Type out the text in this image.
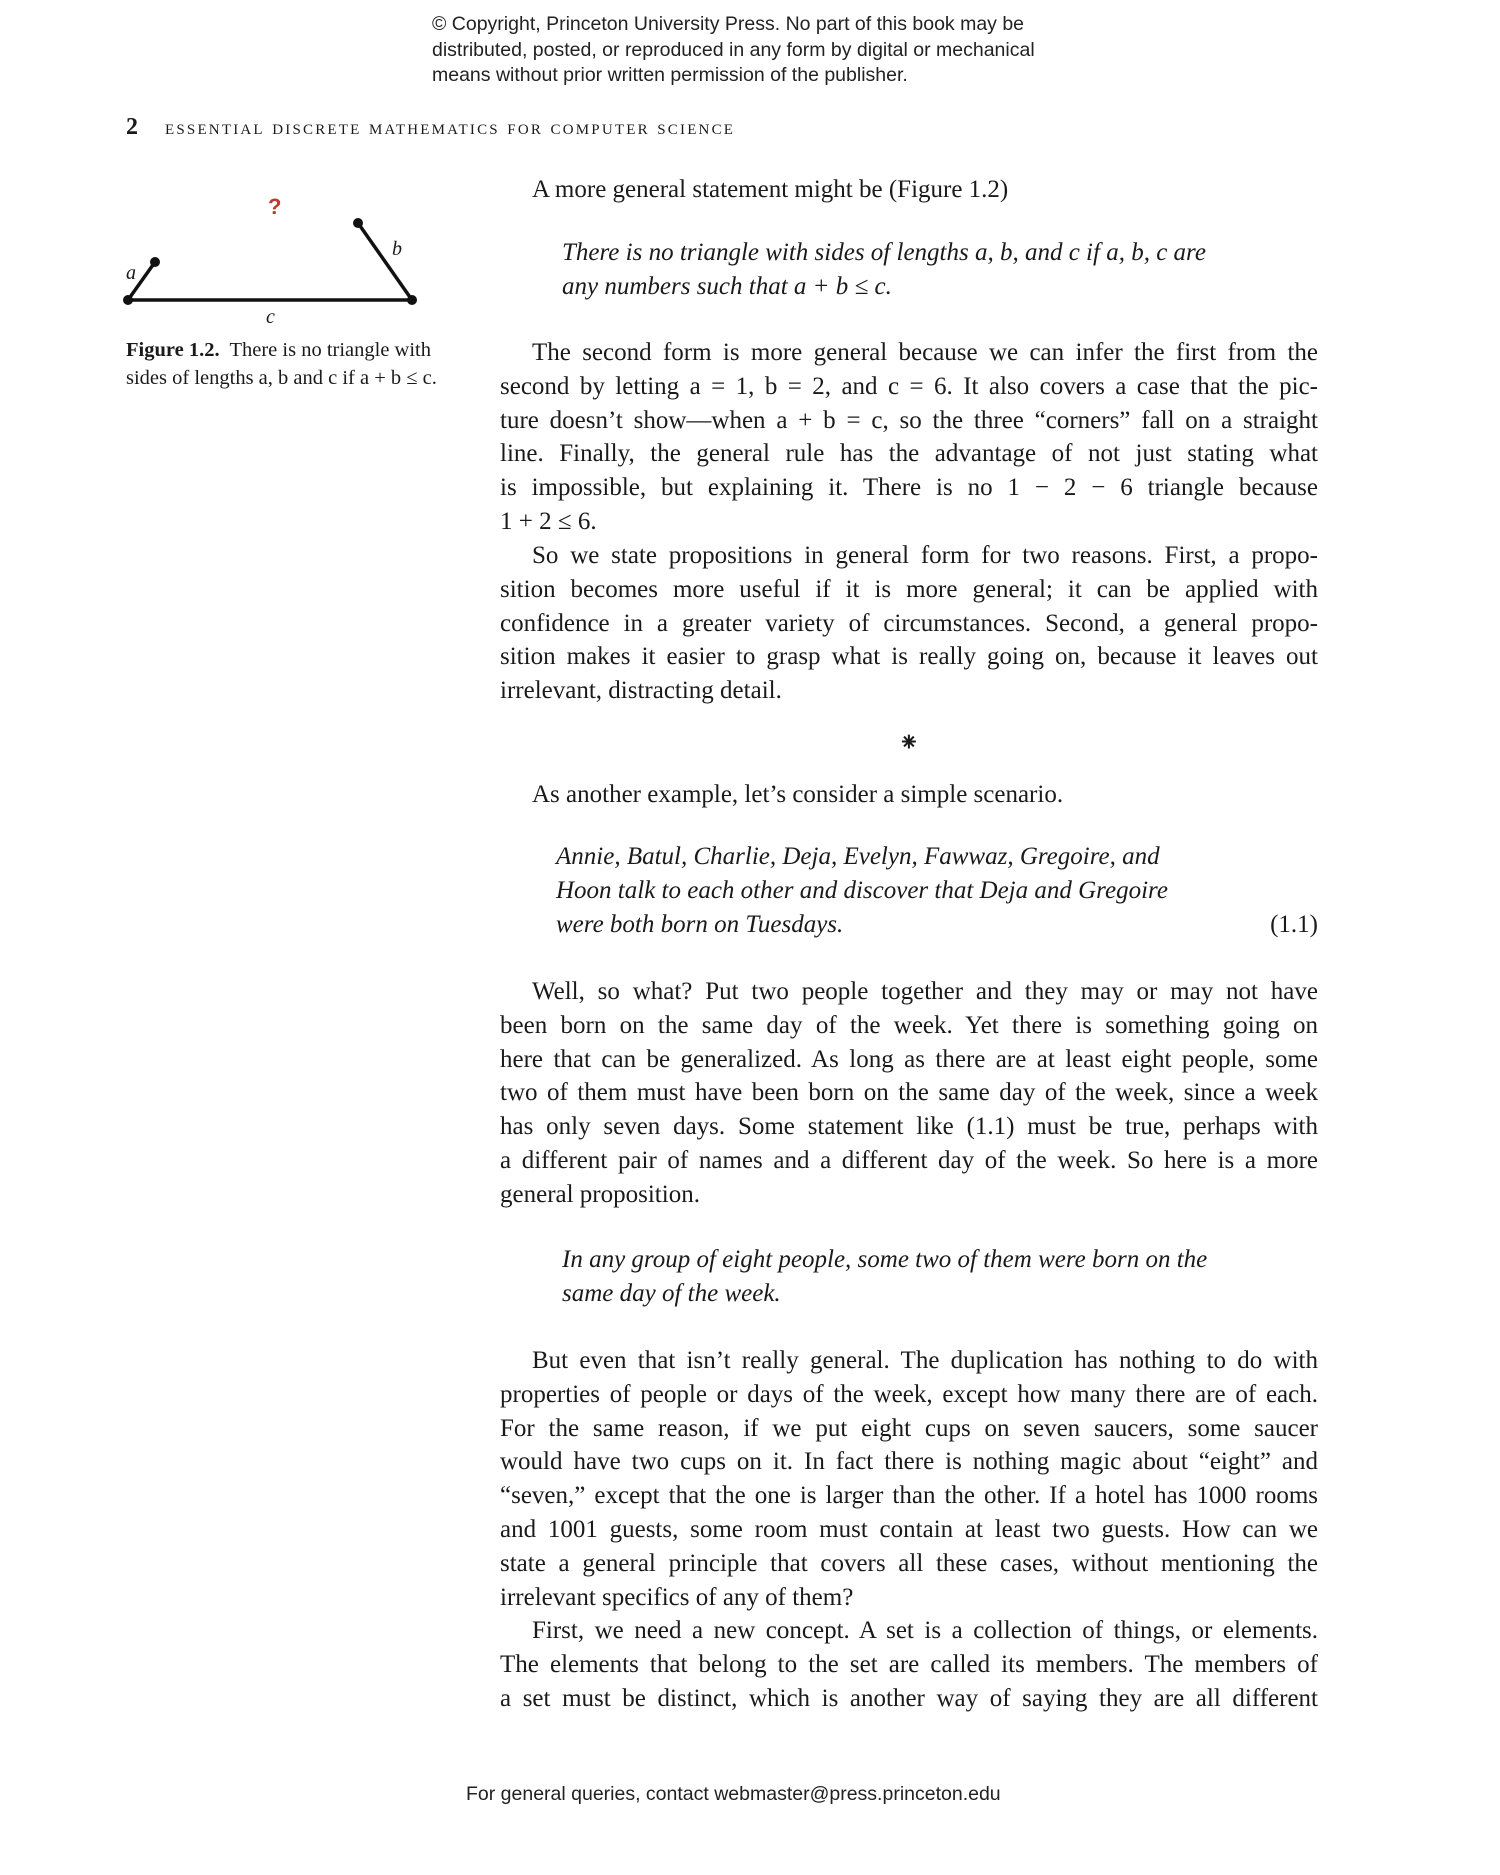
© Copyright, Princeton University Press. No part of this book may be
distributed, posted, or reproduced in any form by digital or mechanical
means without prior written permission of the publisher.
2 essential discrete mathematics for computer science
?
a
b
c
Figure 1.2. There is no triangle with
sides of lengths a, b and c if a + b ≤ c.

A more general statement might be (Figure 1.2)

There is no triangle with sides of lengths a, b, and c if a, b, c are
any numbers such that a + b ≤ c.
The second form is more general because we can infer the first from the
second by letting a = 1, b = 2, and c = 6. It also covers a case that the pic-
ture doesn’t show—when a + b = c, so the three “corners” fall on a straight
line. Finally, the general rule has the advantage of not just stating what
is impossible, but explaining it. There is no 1 − 2 − 6 triangle because
1 + 2 ≤ 6.
So we state propositions in general form for two reasons. First, a propo-
sition becomes more useful if it is more general; it can be applied with
confidence in a greater variety of circumstances. Second, a general propo-
sition makes it easier to grasp what is really going on, because it leaves out
irrelevant, distracting detail.
⁕
As another example, let’s consider a simple scenario.
Annie, Batul, Charlie, Deja, Evelyn, Fawwaz, Gregoire, and
Hoon talk to each other and discover that Deja and Gregoire
were both born on Tuesdays.	(1.1)
Well, so what? Put two people together and they may or may not have
been born on the same day of the week. Yet there is something going on
here that can be generalized. As long as there are at least eight people, some
two of them must have been born on the same day of the week, since a week
has only seven days. Some statement like (1.1) must be true, perhaps with
a different pair of names and a different day of the week. So here is a more
general proposition.
In any group of eight people, some two of them were born on the
same day of the week.
But even that isn’t really general. The duplication has nothing to do with
properties of people or days of the week, except how many there are of each.
For the same reason, if we put eight cups on seven saucers, some saucer
would have two cups on it. In fact there is nothing magic about “eight” and
“seven,” except that the one is larger than the other. If a hotel has 1000 rooms
and 1001 guests, some room must contain at least two guests. How can we
state a general principle that covers all these cases, without mentioning the
irrelevant specifics of any of them?
First, we need a new concept. A set is a collection of things, or elements.
The elements that belong to the set are called its members. The members of
a set must be distinct, which is another way of saying they are all different
For general queries, contact webmaster@press.princeton.edu
